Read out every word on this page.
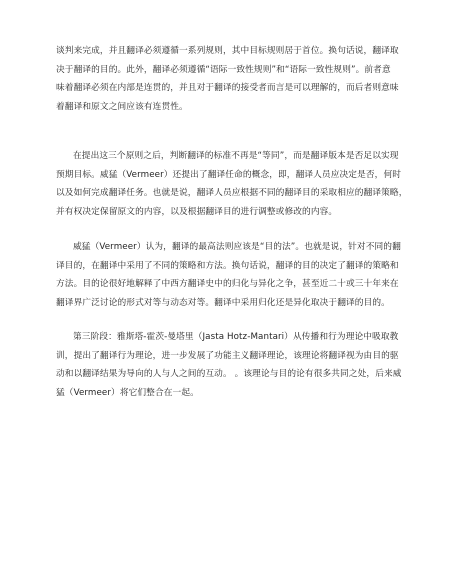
谈判来完成，并且翻译必须遵循一系列规则，其中目标规则居于首位。换句话说，翻译取
决于翻译的目的。此外，翻译必须遵循“语际一致性规则”和“语际一致性规则”。前者意
味着翻译必须在内部是连贯的，并且对于翻译的接受者而言是可以理解的，而后者则意味
着翻译和原文之间应该有连贯性。
在提出这三个原则之后，判断翻译的标准不再是“等同”，而是翻译版本是否足以实现
预期目标。威猛（Vermeer）还提出了翻译任命的概念，即，翻译人员应决定是否，何时
以及如何完成翻译任务。也就是说，翻译人员应根据不同的翻译目的采取相应的翻译策略，
并有权决定保留原文的内容，以及根据翻译目的进行调整或修改的内容。
威猛（Vermeer）认为，翻译的最高法则应该是“目的法”。也就是说，针对不同的翻
译目的，在翻译中采用了不同的策略和方法。换句话说，翻译的目的决定了翻译的策略和
方法。目的论很好地解释了中西方翻译史中的归化与异化之争，甚至近二十或三十年来在
翻译界广泛讨论的形式对等与动态对等。翻译中采用归化还是异化取决于翻译的目的。
第三阶段：雅斯塔-霍茨-曼塔里（Jasta Hotz-Mantari）从传播和行为理论中吸取教
训，提出了翻译行为理论，进一步发展了功能主义翻译理论，该理论将翻译视为由目的驱
动和以翻译结果为导向的人与人之间的互动。 。该理论与目的论有很多共同之处，后来威
猛（Vermeer）将它们整合在一起。
